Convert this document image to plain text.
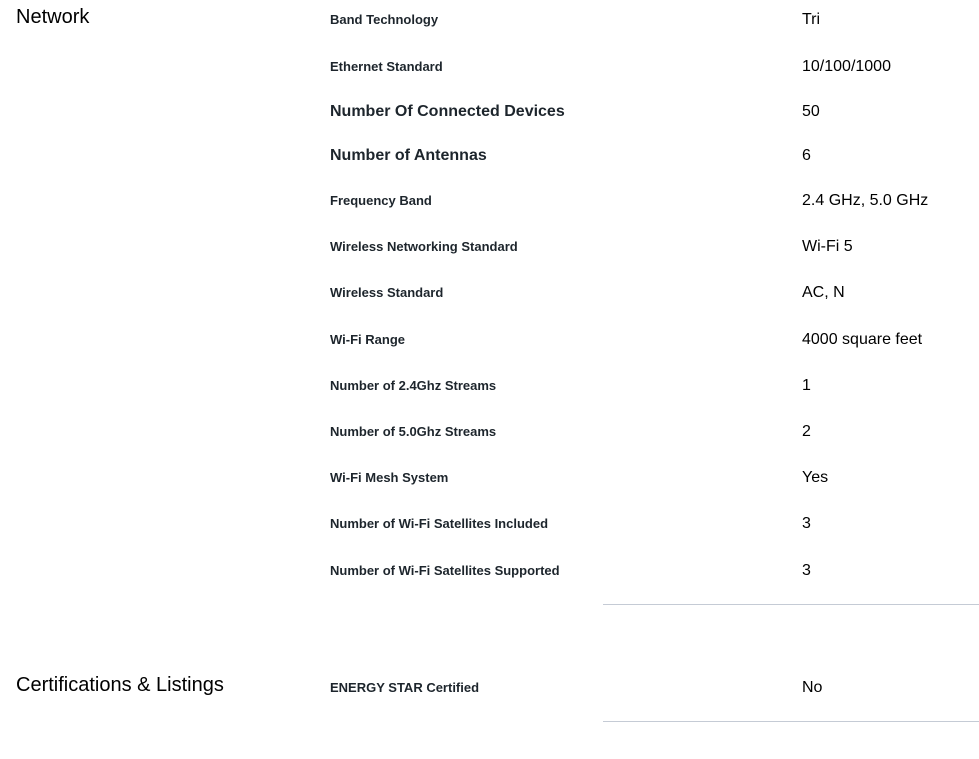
Network	Band Technology	Tri
Ethernet Standard	10/100/1000
Number Of Connected Devices	50
Number of Antennas	6
Frequency Band	2.4 GHz, 5.0 GHz
Wireless Networking Standard	Wi-Fi 5
Wireless Standard	AC, N
Wi-Fi Range	4000 square feet
Number of 2.4Ghz Streams	1
Number of 5.0Ghz Streams	2
Wi-Fi Mesh System	Yes
Number of Wi-Fi Satellites Included	3
Number of Wi-Fi Satellites Supported	3
Certifications & Listings	ENERGY STAR Certified	No
